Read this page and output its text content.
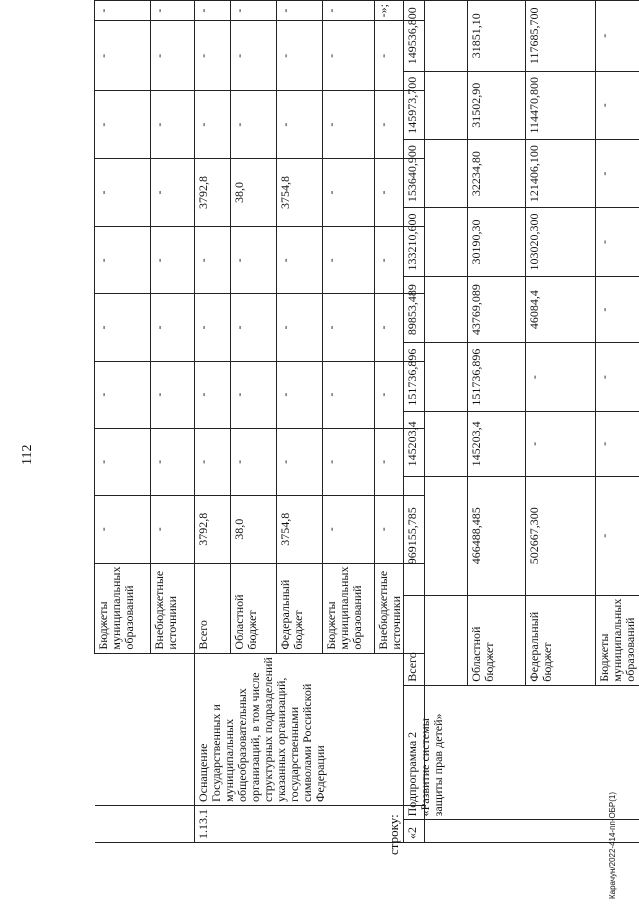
112
		Бюджеты муниципальных образований	-	-	-	-	-	-	-	-	-
		Внебюджетные источники	-	-	-	-	-	-	-	-	-
1.13.1	Оснащение Государственных и муниципальных общеобразовательных организаций, в том числе структурных подразделений указанных организаций, государственными символами Российской Федерации	Всего	3792,8	-	-	-	-	3792,8	-	-	-
		Областной бюджет	38,0	-	-	-	-	38,0	-	-	-
		Федеральный бюджет	3754,8	-	-	-	-	3754,8	-	-	-
		Бюджеты муниципальных образований	-	-	-	-	-	-	-	-	-
		Внебюджетные источники	-	-	-	-	-	-	-	-	-»;
строку: «2	Подпрограмма 2 «Развитие системы защиты прав детей»	Всего	969155,785	145203,4	151736,896	89853,489	133210,600	153640,900	145973,700	149536,800
		Областной бюджет	466488,485	145203,4	151736,896	43769,089	30190,30	32234,80	31502,90	31851,10
		Федеральный бюджет	502667,300	-	-	46084,4	103020,300	121406,100	114470,800	117685,700
		Бюджеты муниципальных образований	-	-	-	-	-	-	-	-
Карачун/2022-414-пп-ОБР(1)
